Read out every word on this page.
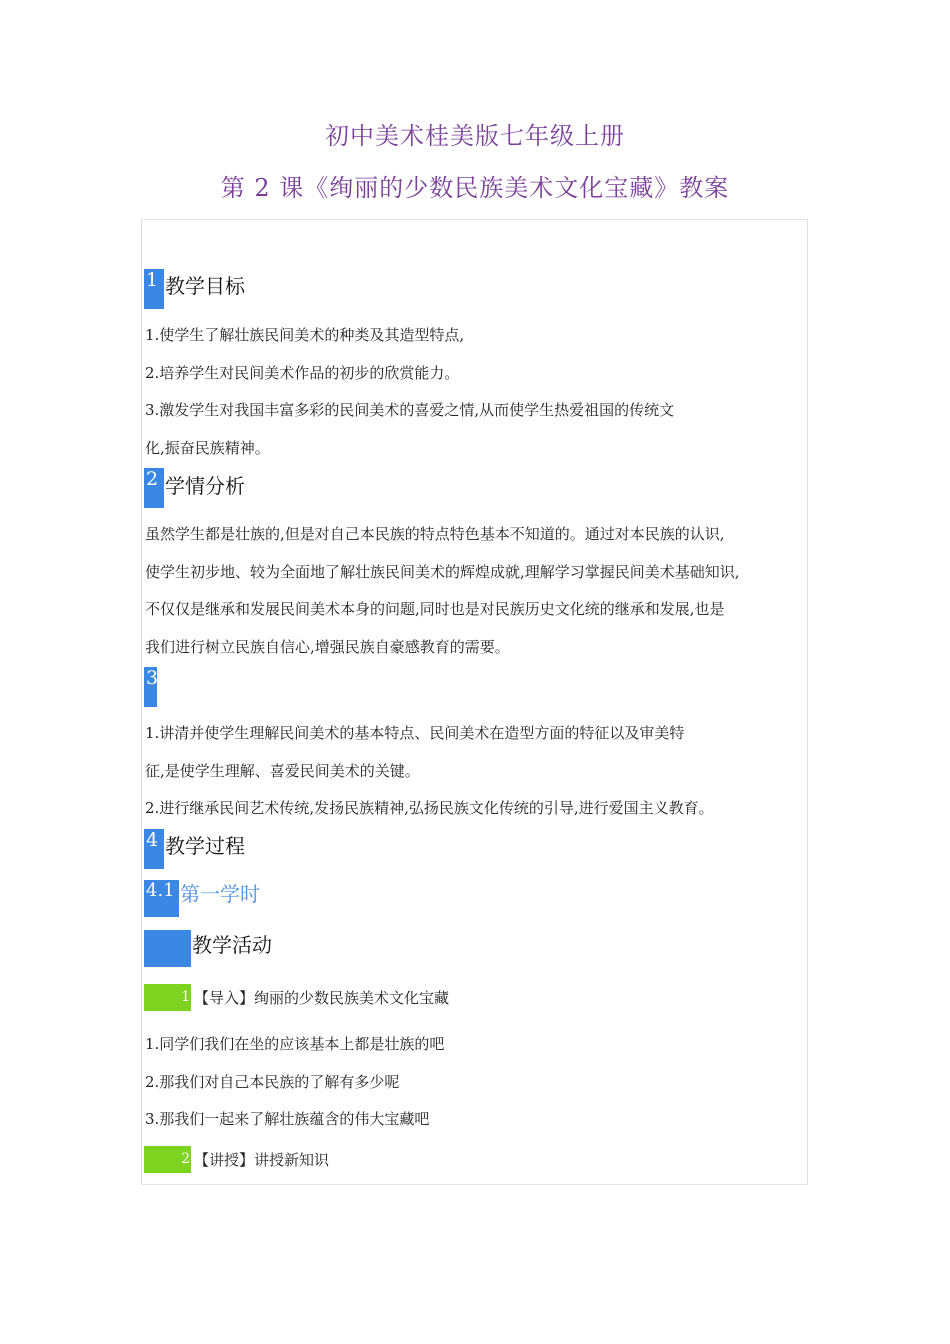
初中美术桂美版七年级上册
第 2 课《绚丽的少数民族美术文化宝藏》教案
1 教学目标
1.使学生了解壮族民间美术的种类及其造型特点,
2.培养学生对民间美术作品的初步的欣赏能力。
3.激发学生对我国丰富多彩的民间美术的喜爱之情,从而使学生热爱祖国的传统文
化,振奋民族精神。
2 学情分析
虽然学生都是壮族的,但是对自己本民族的特点特色基本不知道的。通过对本民族的认识,
使学生初步地、较为全面地了解壮族民间美术的辉煌成就,理解学习掌握民间美术基础知识,
不仅仅是继承和发展民间美术本身的问题,同时也是对民族历史文化统的继承和发展,也是
我们进行树立民族自信心,增强民族自豪感教育的需要。
3
1.讲清并使学生理解民间美术的基本特点、民间美术在造型方面的特征以及审美特
征,是使学生理解、喜爱民间美术的关键。
2.进行继承民间艺术传统,发扬民族精神,弘扬民族文化传统的引导,进行爱国主义教育。
4 教学过程
4.1 第一学时
教学活动
1 【导入】绚丽的少数民族美术文化宝藏
1.同学们我们在坐的应该基本上都是壮族的吧
2.那我们对自己本民族的了解有多少呢
3.那我们一起来了解壮族蕴含的伟大宝藏吧
2 【讲授】讲授新知识
